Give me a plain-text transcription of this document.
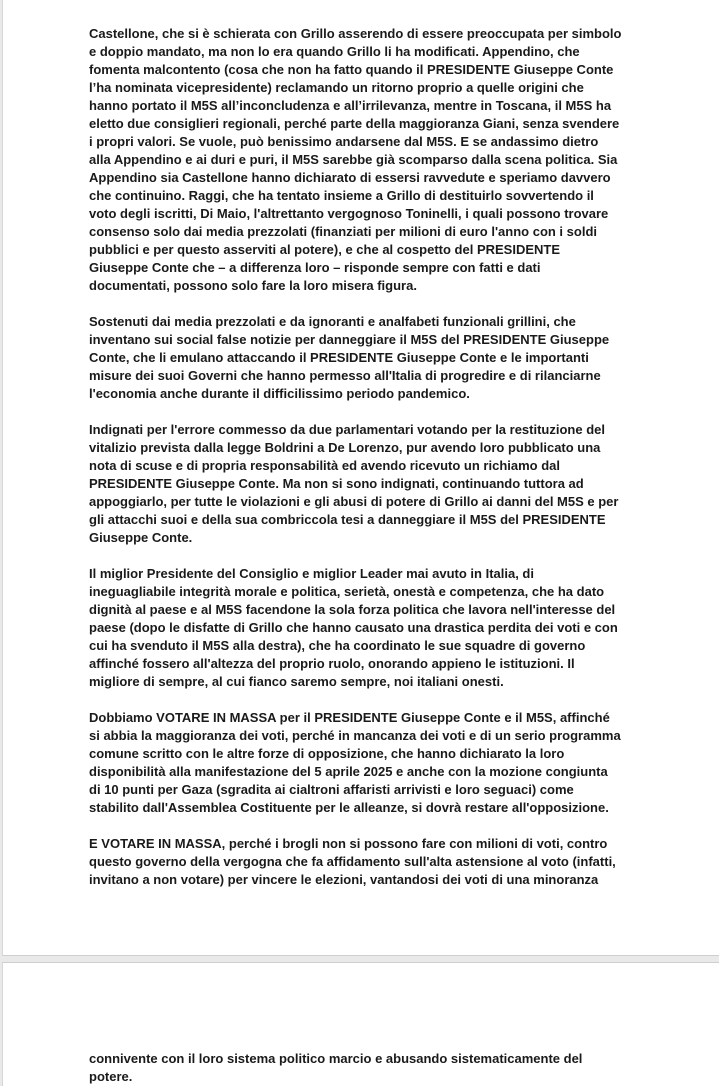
Castellone, che si è schierata con Grillo asserendo di essere preoccupata per simbolo
e doppio mandato, ma non lo era quando Grillo li ha modificati. Appendino, che
fomenta malcontento (cosa che non ha fatto quando il PRESIDENTE Giuseppe Conte
l’ha nominata vicepresidente) reclamando un ritorno proprio a quelle origini che
hanno portato il M5S all’inconcludenza e all’irrilevanza, mentre in Toscana, il M5S ha
eletto due consiglieri regionali, perché parte della maggioranza Giani, senza svendere
i propri valori. Se vuole, può benissimo andarsene dal M5S. E se andassimo dietro
alla Appendino e ai duri e puri, il M5S sarebbe già scomparso dalla scena politica. Sia
Appendino sia Castellone hanno dichiarato di essersi ravvedute e speriamo davvero
che continuino. Raggi, che ha tentato insieme a Grillo di destituirlo sovvertendo il
voto degli iscritti, Di Maio, l'altrettanto vergognoso Toninelli, i quali possono trovare
consenso solo dai media prezzolati (finanziati per milioni di euro l'anno con i soldi
pubblici e per questo asserviti al potere), e che al cospetto del PRESIDENTE
Giuseppe Conte che – a differenza loro – risponde sempre con fatti e dati
documentati, possono solo fare la loro misera figura.

Sostenuti dai media prezzolati e da ignoranti e analfabeti funzionali grillini, che
inventano sui social false notizie per danneggiare il M5S del PRESIDENTE Giuseppe
Conte, che li emulano attaccando il PRESIDENTE Giuseppe Conte e le importanti
misure dei suoi Governi che hanno permesso all'Italia di progredire e di rilanciarne
l'economia anche durante il difficilissimo periodo pandemico.

Indignati per l'errore commesso da due parlamentari votando per la restituzione del
vitalizio prevista dalla legge Boldrini a De Lorenzo, pur avendo loro pubblicato una
nota di scuse e di propria responsabilità ed avendo ricevuto un richiamo dal
PRESIDENTE Giuseppe Conte. Ma non si sono indignati, continuando tuttora ad
appoggiarlo, per tutte le violazioni e gli abusi di potere di Grillo ai danni del M5S e per
gli attacchi suoi e della sua combriccola tesi a danneggiare il M5S del PRESIDENTE
Giuseppe Conte.

Il miglior Presidente del Consiglio e miglior Leader mai avuto in Italia, di
ineguagliabile integrità morale e politica, serietà, onestà e competenza, che ha dato
dignità al paese e al M5S facendone la sola forza politica che lavora nell'interesse del
paese (dopo le disfatte di Grillo che hanno causato una drastica perdita dei voti e con
cui ha svenduto il M5S alla destra), che ha coordinato le sue squadre di governo
affinché fossero all'altezza del proprio ruolo, onorando appieno le istituzioni. Il
migliore di sempre, al cui fianco saremo sempre, noi italiani onesti.

Dobbiamo VOTARE IN MASSA per il PRESIDENTE Giuseppe Conte e il M5S, affinché
si abbia la maggioranza dei voti, perché in mancanza dei voti e di un serio programma
comune scritto con le altre forze di opposizione, che hanno dichiarato la loro
disponibilità alla manifestazione del 5 aprile 2025 e anche con la mozione congiunta
di 10 punti per Gaza (sgradita ai cialtroni affaristi arrivisti e loro seguaci) come
stabilito dall'Assemblea Costituente per le alleanze, si dovrà restare all'opposizione.

E VOTARE IN MASSA, perché i brogli non si possono fare con milioni di voti, contro
questo governo della vergogna che fa affidamento sull'alta astensione al voto (infatti,
invitano a non votare) per vincere le elezioni, vantandosi dei voti di una minoranza

connivente con il loro sistema politico marcio e abusando sistematicamente del
potere.
